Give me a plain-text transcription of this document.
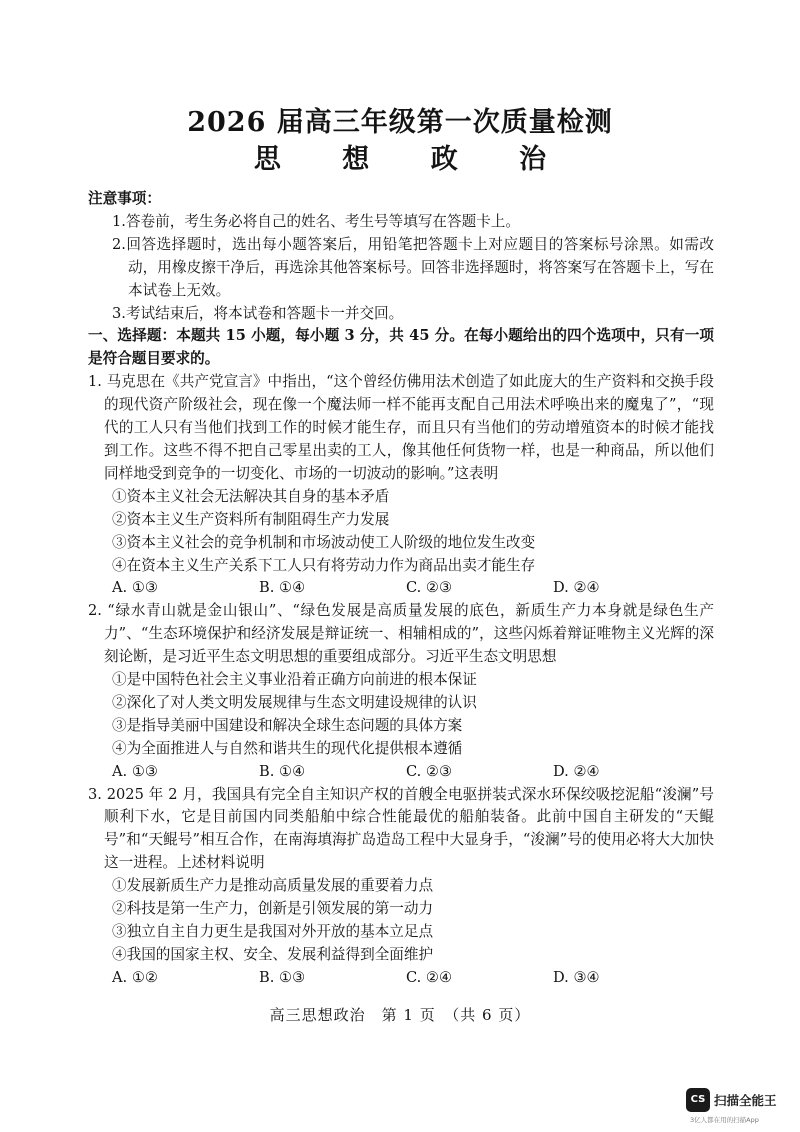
2026 届高三年级第一次质量检测
思 想 政 治

注意事项：

1.答卷前，考生务必将自己的姓名、考生号等填写在答题卡上。

2.回答选择题时，选出每小题答案后，用铅笔把答题卡上对应题目的答案标号涂黑。如需改动，用橡皮擦干净后，再选涂其他答案标号。回答非选择题时，将答案写在答题卡上，写在本试卷上无效。

3.考试结束后，将本试卷和答题卡一并交回。

一、选择题：本题共 15 小题，每小题 3 分，共 45 分。在每小题给出的四个选项中，只有一项是符合题目要求的。

1. 马克思在《共产党宣言》中指出，“这个曾经仿佛用法术创造了如此庞大的生产资料和交换手段的现代资产阶级社会，现在像一个魔法师一样不能再支配自己用法术呼唤出来的魔鬼了”，“现代的工人只有当他们找到工作的时候才能生存，而且只有当他们的劳动增殖资本的时候才能找到工作。这些不得不把自己零星出卖的工人，像其他任何货物一样，也是一种商品，所以他们同样地受到竞争的一切变化、市场的一切波动的影响。”这表明

①资本主义社会无法解决其自身的基本矛盾

②资本主义生产资料所有制阻碍生产力发展

③资本主义社会的竞争机制和市场波动使工人阶级的地位发生改变

④在资本主义生产关系下工人只有将劳动力作为商品出卖才能生存

A. ①③	B. ①④	C. ②③	D. ②④

2. “绿水青山就是金山银山”、“绿色发展是高质量发展的底色，新质生产力本身就是绿色生产力”、“生态环境保护和经济发展是辩证统一、相辅相成的”，这些闪烁着辩证唯物主义光辉的深刻论断，是习近平生态文明思想的重要组成部分。习近平生态文明思想

①是中国特色社会主义事业沿着正确方向前进的根本保证

②深化了对人类文明发展规律与生态文明建设规律的认识

③是指导美丽中国建设和解决全球生态问题的具体方案

④为全面推进人与自然和谐共生的现代化提供根本遵循

A. ①③	B. ①④	C. ②③	D. ②④

3. 2025 年 2 月，我国具有完全自主知识产权的首艘全电驱拼装式深水环保绞吸挖泥船“浚澜”号顺利下水，它是目前国内同类船舶中综合性能最优的船舶装备。此前中国自主研发的“天鲲号”和“天鲲号”相互合作，在南海填海扩岛造岛工程中大显身手，“浚澜”号的使用必将大大加快这一进程。上述材料说明

①发展新质生产力是推动高质量发展的重要着力点

②科技是第一生产力，创新是引领发展的第一动力

③独立自主自力更生是我国对外开放的基本立足点

④我国的国家主权、安全、发展利益得到全面维护

A. ①②	B. ①③	C. ②④	D. ③④

高三思想政治　第 1 页　（共 6 页）
CS 扫描全能王
3亿人都在用的扫描App
